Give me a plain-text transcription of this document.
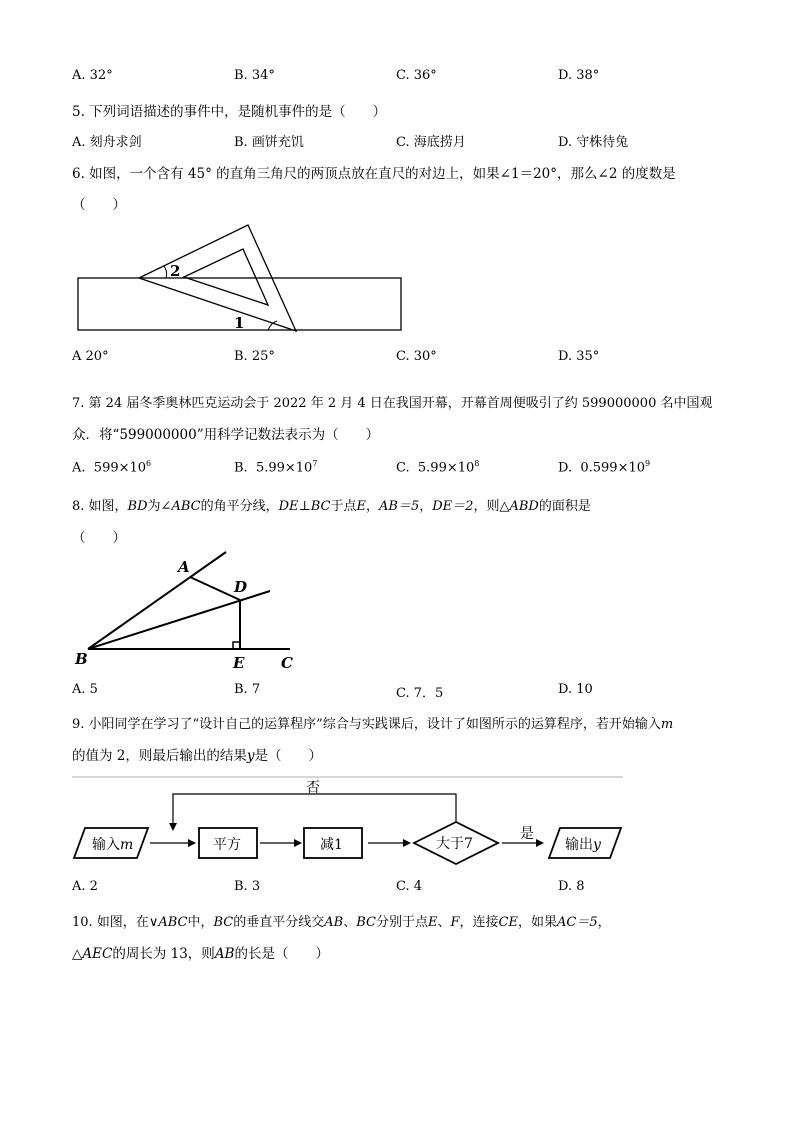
A. 32°	B. 34°	C. 36°	D. 38°
5. 下列词语描述的事件中，是随机事件的是（　　）
A. 刻舟求剑	B. 画饼充饥	C. 海底捞月	D. 守株待兔
6. 如图，一个含有 45° 的直角三角尺的两顶点放在直尺的对边上，如果∠1＝20°，那么∠2 的度数是
（　　）
2
1
A 20°	B. 25°	C. 30°	D. 35°
7. 第 24 届冬季奥林匹克运动会于 2022 年 2 月 4 日在我国开幕，开幕首周便吸引了约 599000000 名中国观
众．将“599000000”用科学记数法表示为（　　）
A. $599\times 10^6$	B. $5.99\times 10^7$	C. $5.99\times 10^8$	D. $0.599\times 10^9$
8. 如图，BD为∠ABC的角平分线，DE⊥BC于点E，AB＝5，DE＝2，则△ABD的面积是
（　　）
A
B	C
D
E
A. 5	B. 7	C. 7．5	D. 10
9. 小阳同学在学习了“设计自己的运算程序”综合与实践课后，设计了如图所示的运算程序，若开始输入m
的值为 2，则最后输出的结果y是（　　）
否
输入m	平方	减1	大于7
是
输出y
A. 2	B. 3	C. 4	D. 8
10. 如图，在∨ABC中，BC的垂直平分线交AB、BC分别于点E、F，连接CE，如果AC＝5，
△AEC的周长为 13，则AB的长是（　　）
